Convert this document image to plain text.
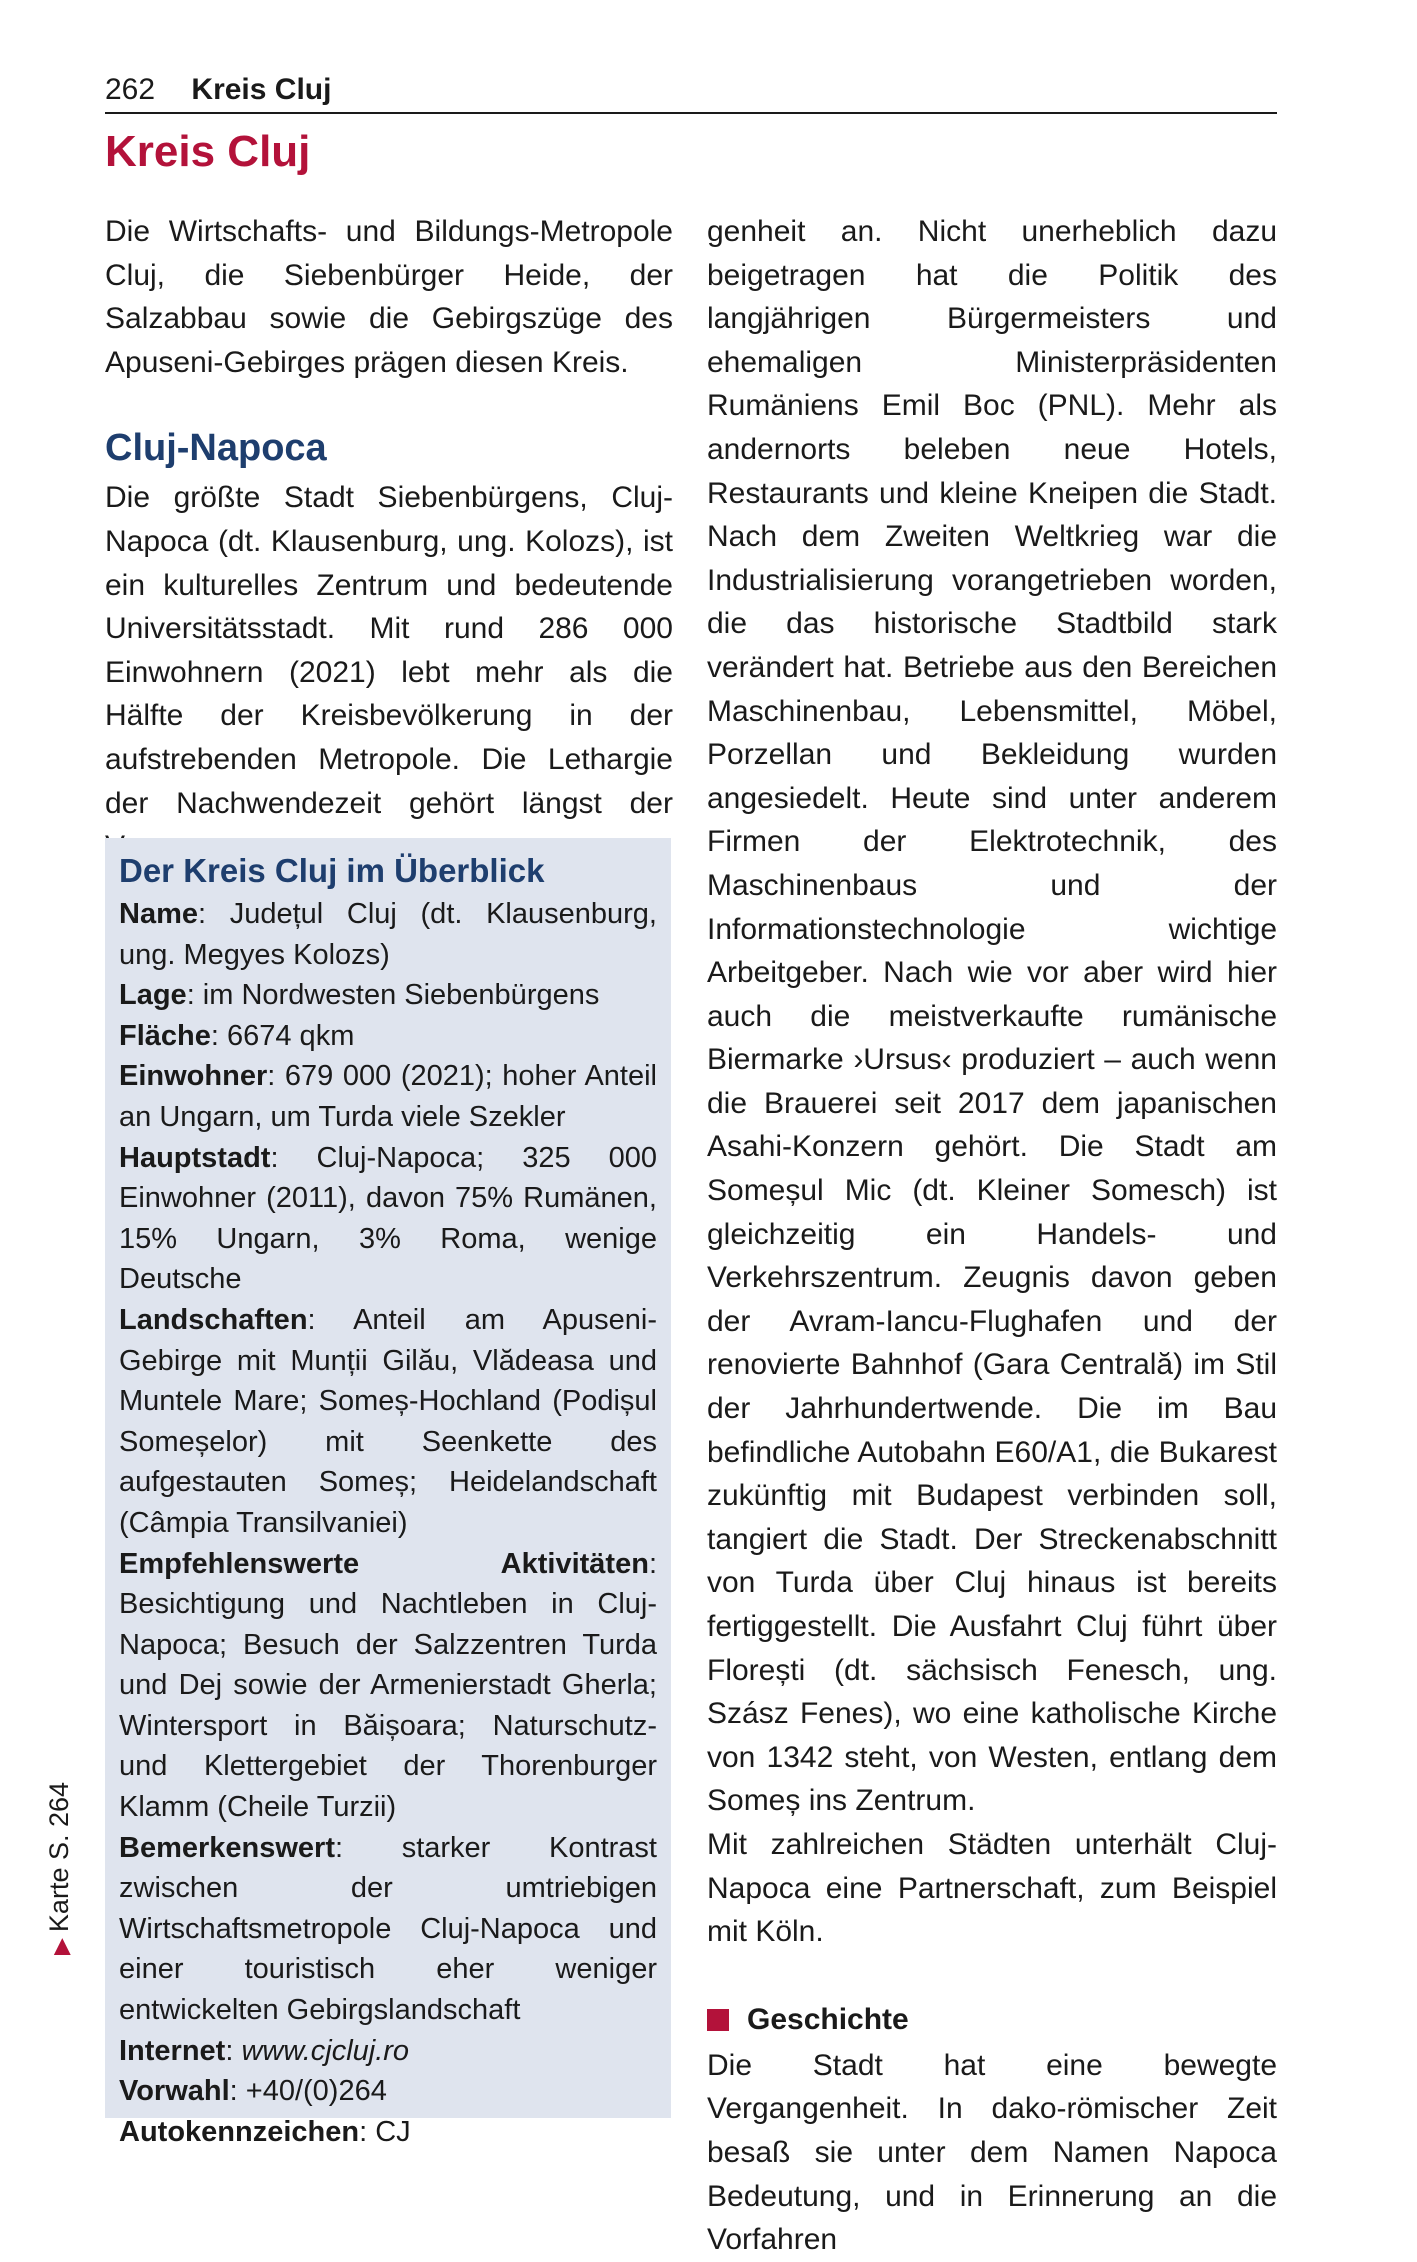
262 Kreis Cluj
Kreis Cluj

Die Wirtschafts- und Bildungs-Metropole Cluj, die Siebenbürger Heide, der Salzabbau sowie die Gebirgszüge des Apuseni-Gebirges prägen diesen Kreis.

Cluj-Napoca

Die größte Stadt Siebenbürgens, Cluj-Napoca (dt. Klausenburg, ung. Kolozs), ist ein kulturelles Zentrum und bedeutende Universitätsstadt. Mit rund 286 000 Einwohnern (2021) lebt mehr als die Hälfte der Kreisbevölkerung in der aufstrebenden Metropole. Die Lethargie der Nachwendezeit gehört längst der

Der Kreis Cluj im Überblick

Name: Județul Cluj (dt. Klausenburg, ung. Megyes Kolozs)

Lage: im Nordwesten Siebenbürgens

Fläche: 6674 qkm

Einwohner: 679 000 (2021); hoher Anteil an Ungarn, um Turda viele Szekler

Hauptstadt: Cluj-Napoca; 325 000 Einwohner (2011), davon 75% Rumänen, 15% Ungarn, 3% Roma, wenige Deutsche

Landschaften: Anteil am Apuseni-Gebirge mit Munții Gilău, Vlădeasa und Muntele Mare; Someș-Hochland (Podișul Someșelor) mit Seenkette des aufgestauten Someș; Heidelandschaft (Câmpia Transilvaniei)

Empfehlenswerte Aktivitäten: Besichtigung und Nachtleben in Cluj-Napoca; Besuch der Salzzentren Turda und Dej sowie der Armenierstadt Gherla; Wintersport in Băișoara; Naturschutz- und Klettergebiet der Thorenburger Klamm (Cheile Turzii)

Bemerkenswert: starker Kontrast zwischen der umtriebigen Wirtschaftsmetropole Cluj-Napoca und einer touristisch eher weniger entwickelten Gebirgslandschaft

Internet: www.cjcluj.ro

Vorwahl: +40/(0)264

Autokennzeichen: CJ

genheit an. Nicht unerheblich dazu beigetragen hat die Politik des langjährigen Bürgermeisters und ehemaligen Ministerpräsidenten Rumäniens Emil Boc (PNL). Mehr als andernorts beleben neue Hotels, Restaurants und kleine Kneipen die Stadt. Nach dem Zweiten Weltkrieg war die Industrialisierung vorangetrieben worden, die das historische Stadtbild stark verändert hat. Betriebe aus den Bereichen Maschinenbau, Lebensmittel, Möbel, Porzellan und Bekleidung wurden angesiedelt. Heute sind unter anderem Firmen der Elektrotechnik, des Maschinenbaus und der Informationstechnologie wichtige Arbeitgeber. Nach wie vor aber wird hier auch die meistverkaufte rumänische Biermarke ›Ursus‹ produziert – auch wenn die Brauerei seit 2017 dem japanischen Asahi-Konzern gehört. Die Stadt am Someșul Mic (dt. Kleiner Somesch) ist gleichzeitig ein Handels- und Verkehrszentrum. Zeugnis davon geben der Avram-Iancu-Flughafen und der renovierte Bahnhof (Gara Centrală) im Stil der Jahrhundertwende. Die im Bau befindliche Autobahn E60/A1, die Bukarest zukünftig mit Budapest verbinden soll, tangiert die Stadt. Der Streckenabschnitt von Turda über Cluj hinaus ist bereits fertiggestellt. Die Ausfahrt Cluj führt über Florești (dt. sächsisch Fenesch, ung. Szász Fenes), wo eine katholische Kirche von 1342 steht, von Westen, entlang dem Someș ins Zentrum.

Mit zahlreichen Städten unterhält Cluj-Napoca eine Partnerschaft, zum Beispiel mit Köln.

Geschichte

Die Stadt hat eine bewegte Vergangenheit. In dako-römischer Zeit besaß sie unter dem Namen Napoca Bedeutung, und in Erinnerung an die Vorfahren

▶Karte S. 264
